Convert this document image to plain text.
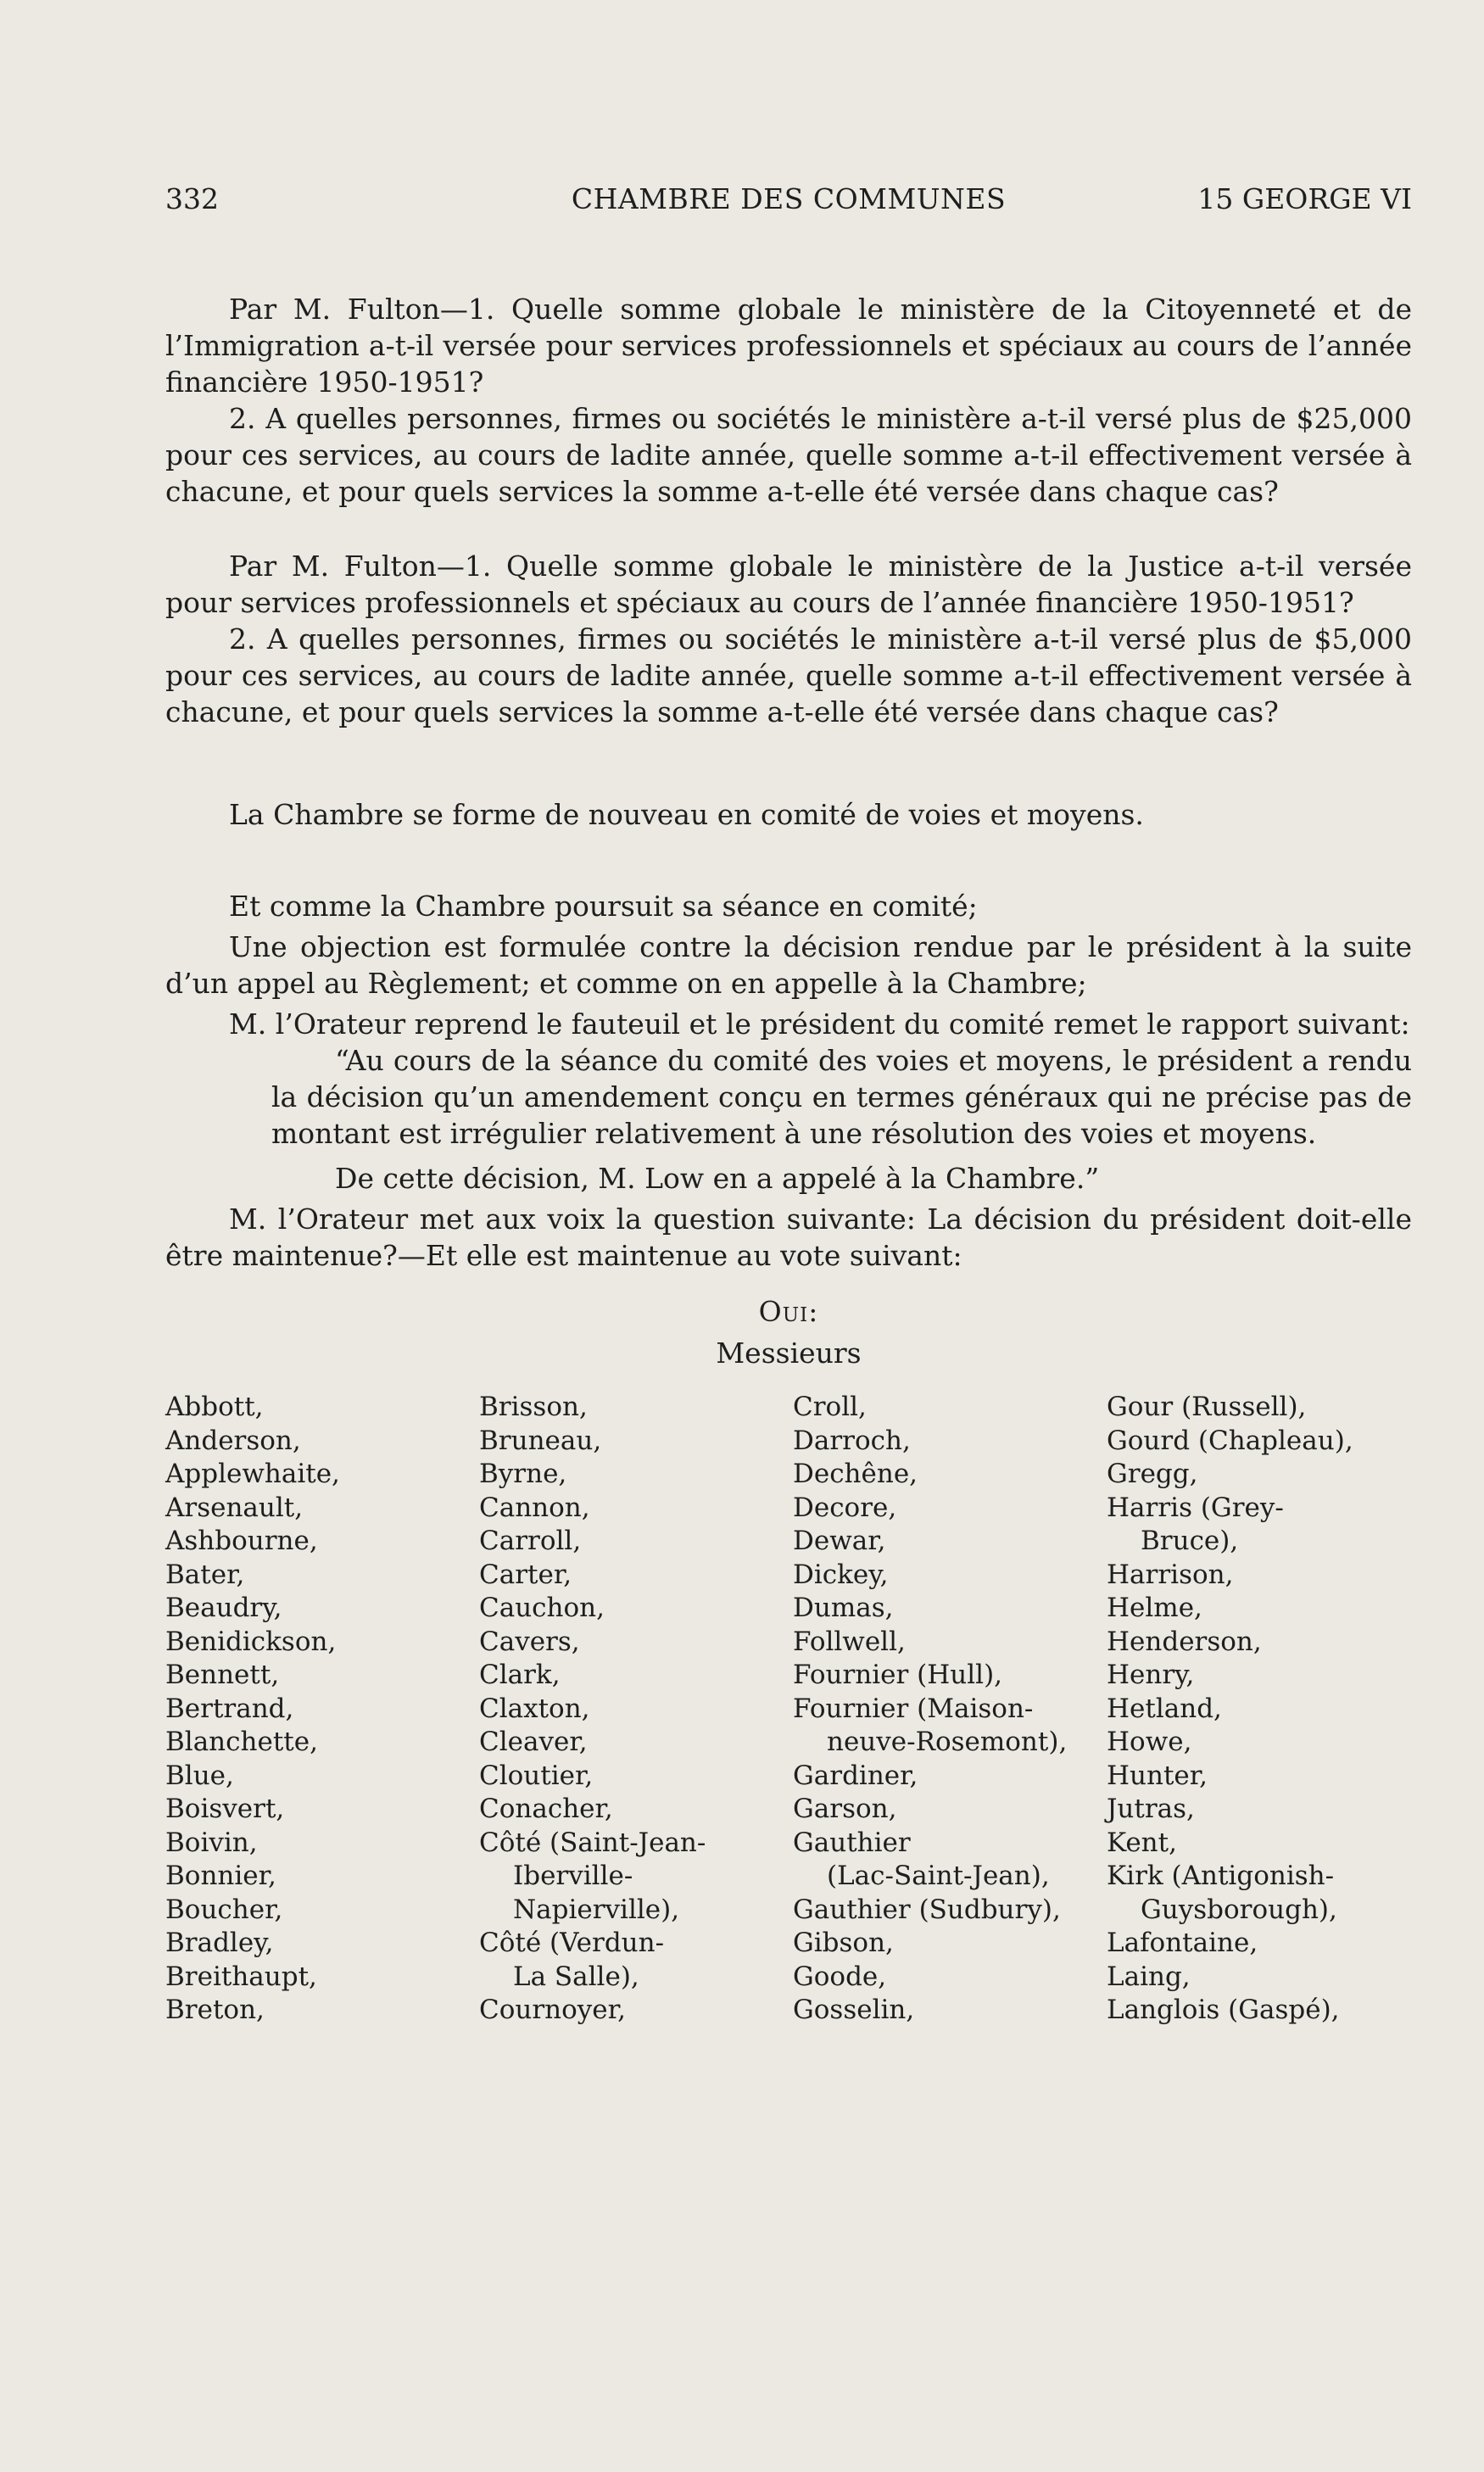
332	CHAMBRE DES COMMUNES	15 GEORGE VI

Par M. Fulton—1. Quelle somme globale le ministère de la Citoyenneté et de l’Immigration a-t-il versée pour services professionnels et spéciaux au cours de l’année financière 1950-1951?

2. A quelles personnes, firmes ou sociétés le ministère a-t-il versé plus de $25,000 pour ces services, au cours de ladite année, quelle somme a-t-il effectivement versée à chacune, et pour quels services la somme a-t-elle été versée dans chaque cas?

Par M. Fulton—1. Quelle somme globale le ministère de la Justice a-t-il versée pour services professionnels et spéciaux au cours de l’année financière 1950-1951?

2. A quelles personnes, firmes ou sociétés le ministère a-t-il versé plus de $5,000 pour ces services, au cours de ladite année, quelle somme a-t-il effectivement versée à chacune, et pour quels services la somme a-t-elle été versée dans chaque cas?

La Chambre se forme de nouveau en comité de voies et moyens.

Et comme la Chambre poursuit sa séance en comité;

Une objection est formulée contre la décision rendue par le président à la suite d’un appel au Règlement; et comme on en appelle à la Chambre;

M. l’Orateur reprend le fauteuil et le président du comité remet le rapport suivant:

“Au cours de la séance du comité des voies et moyens, le président a rendu la décision qu’un amendement conçu en termes généraux qui ne précise pas de montant est irrégulier relativement à une résolution des voies et moyens.

De cette décision, M. Low en a appelé à la Chambre.”

M. l’Orateur met aux voix la question suivante: La décision du président doit-elle être maintenue?—Et elle est maintenue au vote suivant:

Oui:
Messieurs
Abbott,
Anderson,
Applewhaite,
Arsenault,
Ashbourne,
Bater,
Beaudry,
Benidickson,
Bennett,
Bertrand,
Blanchette,
Blue,
Boisvert,
Boivin,
Bonnier,
Boucher,
Bradley,
Breithaupt,
Breton,
Brisson,
Bruneau,
Byrne,
Cannon,
Carroll,
Carter,
Cauchon,
Cavers,
Clark,
Claxton,
Cleaver,
Cloutier,
Conacher,
Côté (Saint-Jean-
Iberville-
Napierville),
Côté (Verdun-
La Salle),
Cournoyer,
Croll,
Darroch,
Dechêne,
Decore,
Dewar,
Dickey,
Dumas,
Follwell,
Fournier (Hull),
Fournier (Maison-
neuve-Rosemont),
Gardiner,
Garson,
Gauthier
(Lac-Saint-Jean),
Gauthier (Sudbury),
Gibson,
Goode,
Gosselin,
Gour (Russell),
Gourd (Chapleau),
Gregg,
Harris (Grey-
Bruce),
Harrison,
Helme,
Henderson,
Henry,
Hetland,
Howe,
Hunter,
Jutras,
Kent,
Kirk (Antigonish-
Guysborough),
Lafontaine,
Laing,
Langlois (Gaspé),
